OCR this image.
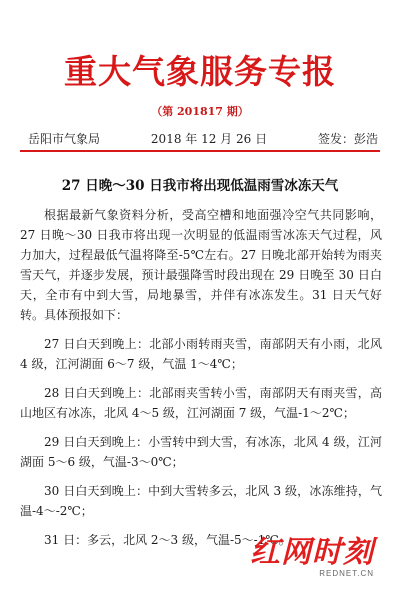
重大气象服务专报
（第 201817 期）
岳阳市气象局	2018 年 12 月 26 日	签发：彭浩
27 日晚～30 日我市将出现低温雨雪冰冻天气

根据最新气象资料分析，受高空槽和地面强冷空气共同影响，27 日晚～30 日我市将出现一次明显的低温雨雪冰冻天气过程，风力加大，过程最低气温将降至-5℃左右。27 日晚北部开始转为雨夹雪天气，并逐步发展，预计最强降雪时段出现在 29 日晚至 30 日白天，全市有中到大雪，局地暴雪，并伴有冰冻发生。31 日天气好转。具体预报如下：

27 日白天到晚上：北部小雨转雨夹雪，南部阴天有小雨，北风 4 级，江河湖面 6～7 级，气温 1～4℃；

28 日白天到晚上：北部雨夹雪转小雪，南部阴天有雨夹雪，高山地区有冰冻，北风 4～5 级，江河湖面 7 级，气温-1～2℃；

29 日白天到晚上：小雪转中到大雪，有冰冻，北风 4 级，江河湖面 5～6 级，气温-3～0℃；

30 日白天到晚上：中到大雪转多云，北风 3 级，冰冻维持，气温-4～-2℃；

31 日：多云，北风 2～3 级，气温-5～-1℃。

红网时刻
REDNET.CN
